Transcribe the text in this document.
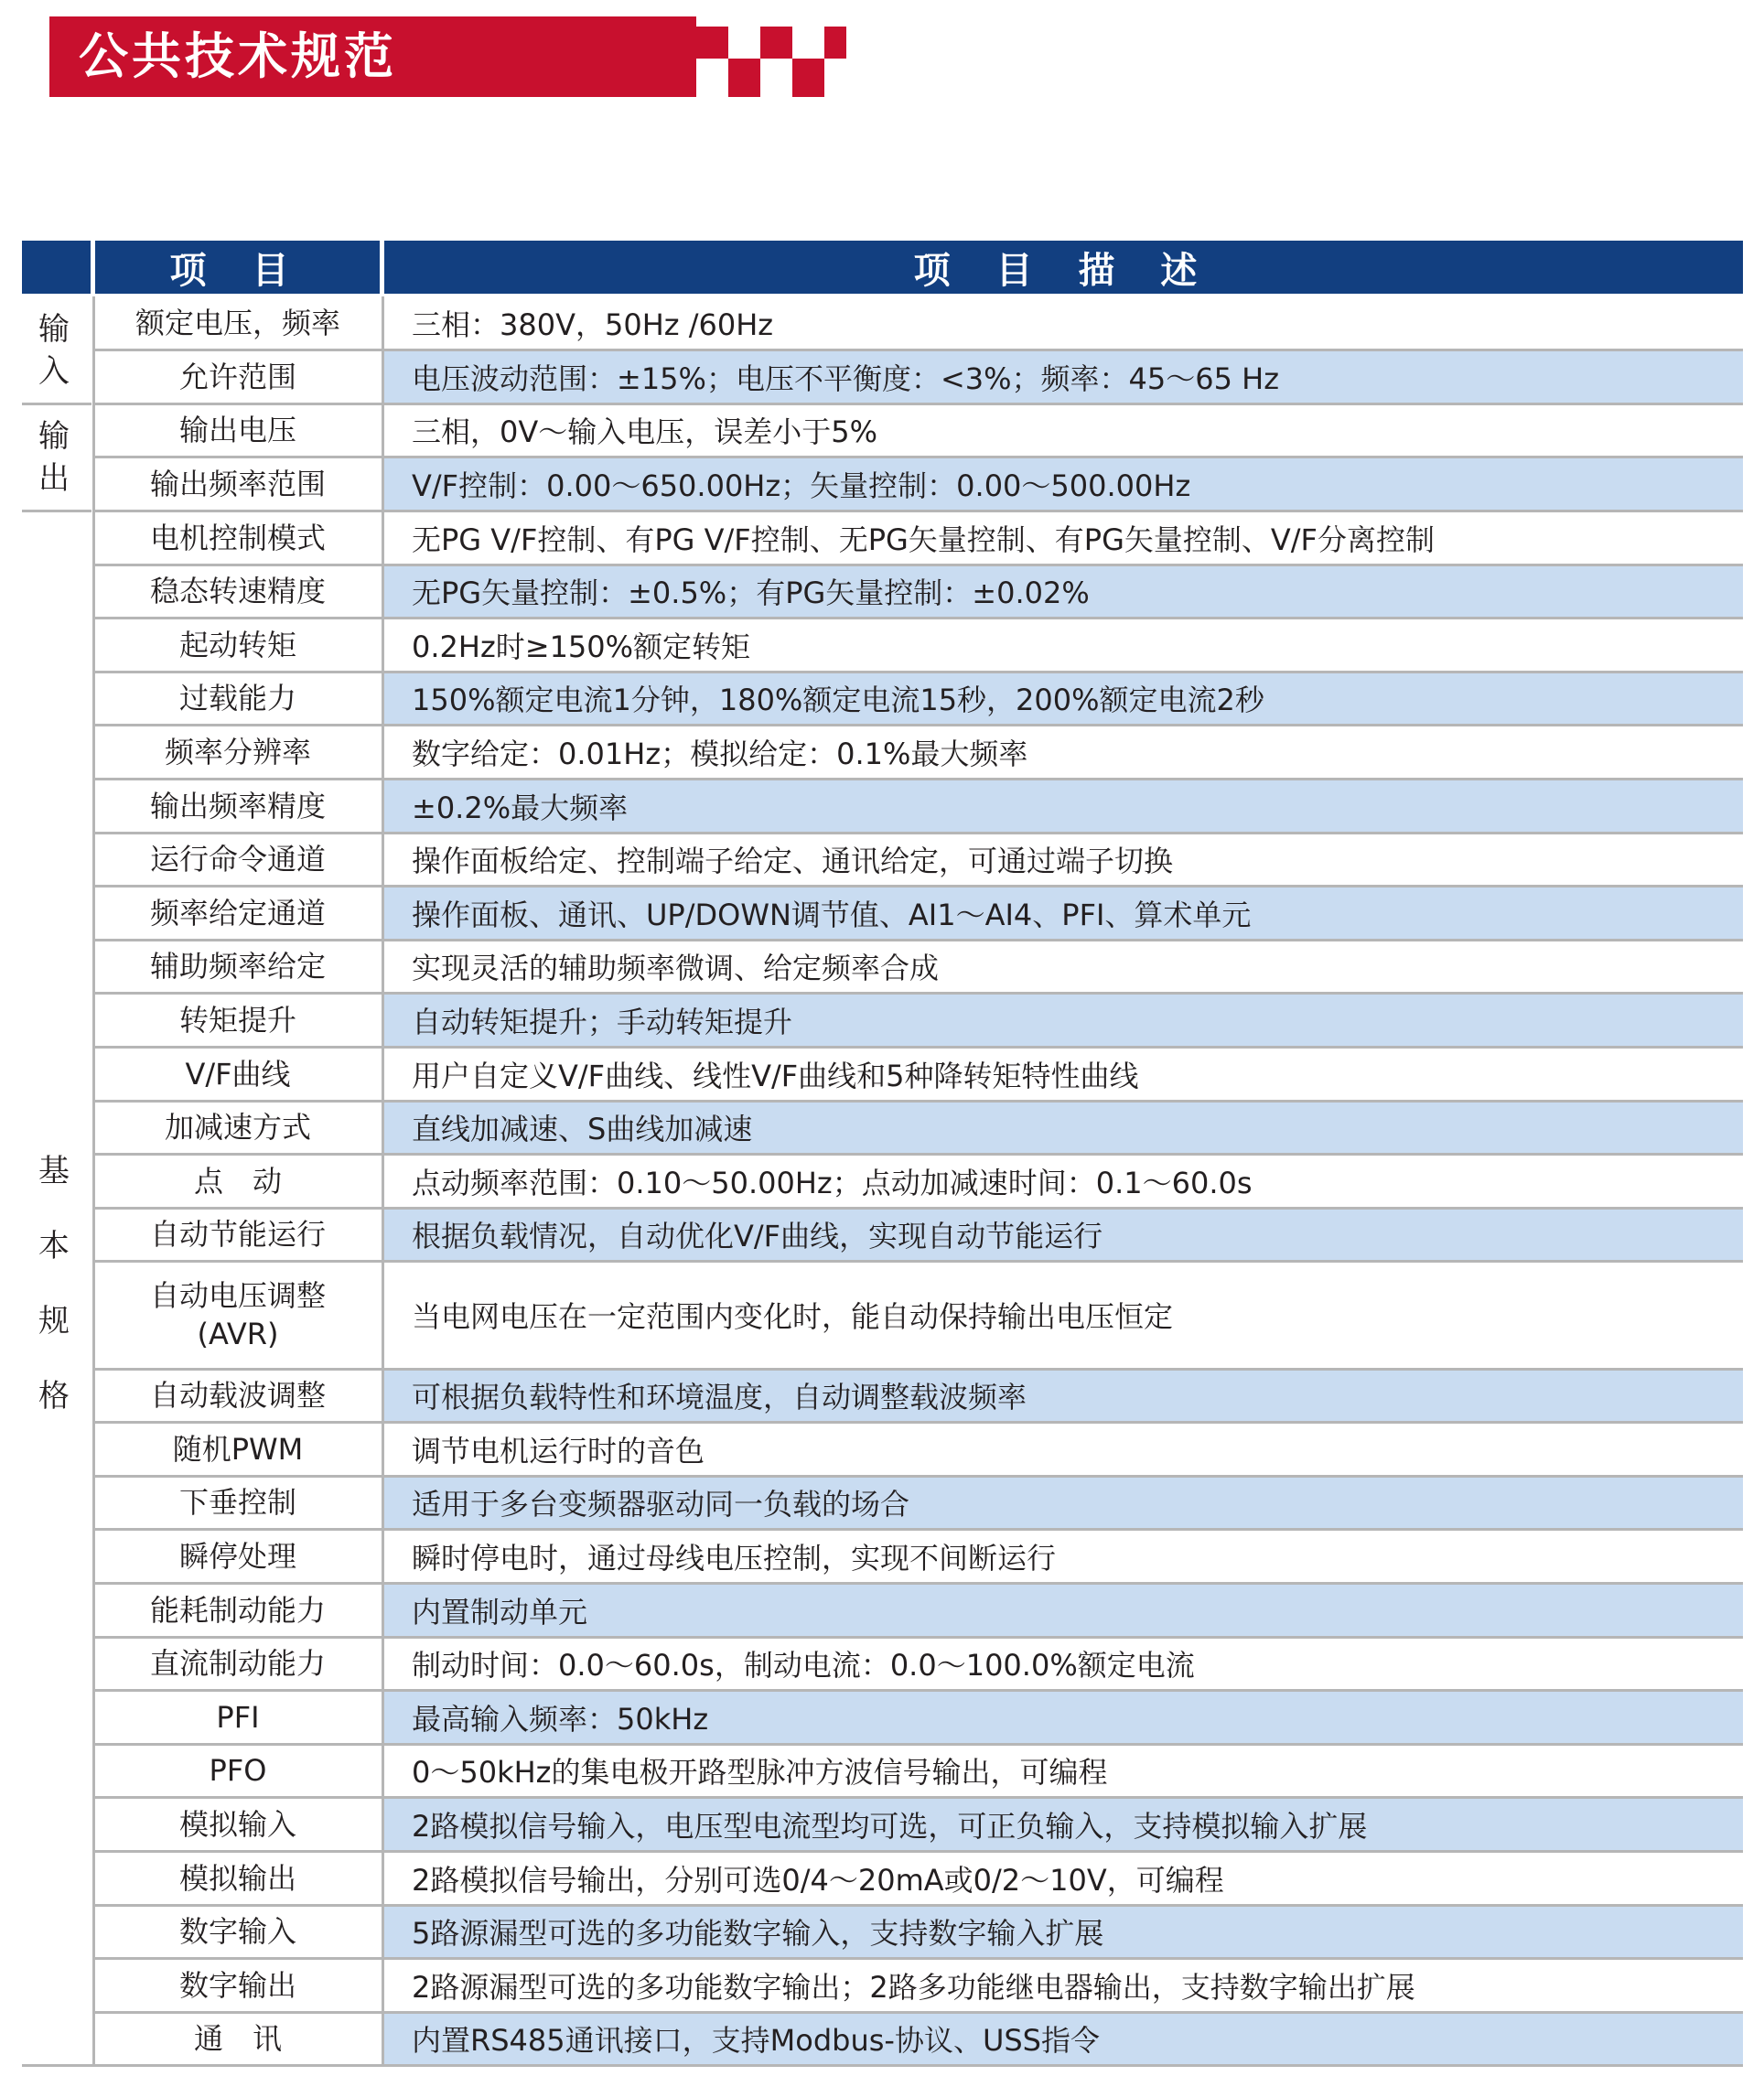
公共技术规范
项 目	项 目 描 述
额定电压，频率	三相：380V，50Hz /60Hz
允许范围	电压波动范围：±15%；电压不平衡度：<3%；频率：45～65 Hz
输出电压	三相，0V～输入电压，误差小于5%
输出频率范围	V/F控制：0.00～650.00Hz；矢量控制：0.00～500.00Hz
电机控制模式	无PG V/F控制、有PG V/F控制、无PG矢量控制、有PG矢量控制、V/F分离控制
稳态转速精度	无PG矢量控制：±0.5%；有PG矢量控制：±0.02%
起动转矩	0.2Hz时≥150%额定转矩
过载能力	150%额定电流1分钟，180%额定电流15秒，200%额定电流2秒
频率分辨率	数字给定：0.01Hz；模拟给定：0.1%最大频率
输出频率精度	±0.2%最大频率
运行命令通道	操作面板给定、控制端子给定、通讯给定，可通过端子切换
频率给定通道	操作面板、通讯、UP/DOWN调节值、AI1～AI4、PFI、算术单元
辅助频率给定	实现灵活的辅助频率微调、给定频率合成
转矩提升	自动转矩提升；手动转矩提升
V/F曲线	用户自定义V/F曲线、线性V/F曲线和5种降转矩特性曲线
加减速方式	直线加减速、S曲线加减速
点　动	点动频率范围：0.10～50.00Hz；点动加减速时间：0.1～60.0s
自动节能运行	根据负载情况，自动优化V/F曲线，实现自动节能运行
自动电压调整
(AVR)	当电网电压在一定范围内变化时，能自动保持输出电压恒定
自动载波调整	可根据负载特性和环境温度，自动调整载波频率
随机PWM	调节电机运行时的音色
下垂控制	适用于多台变频器驱动同一负载的场合
瞬停处理	瞬时停电时，通过母线电压控制，实现不间断运行
能耗制动能力	内置制动单元
直流制动能力	制动时间：0.0～60.0s，制动电流：0.0～100.0%额定电流
PFI	最高输入频率：50kHz
PFO	0～50kHz的集电极开路型脉冲方波信号输出，可编程
模拟输入	2路模拟信号输入，电压型电流型均可选，可正负输入，支持模拟输入扩展
模拟输出	2路模拟信号输出，分别可选0/4～20mA或0/2～10V，可编程
数字输入	5路源漏型可选的多功能数字输入，支持数字输入扩展
数字输出	2路源漏型可选的多功能数字输出；2路多功能继电器输出，支持数字输出扩展
通　讯	内置RS485通讯接口，支持Modbus-协议、USS指令
输
入
输
出
基
本
规
格
